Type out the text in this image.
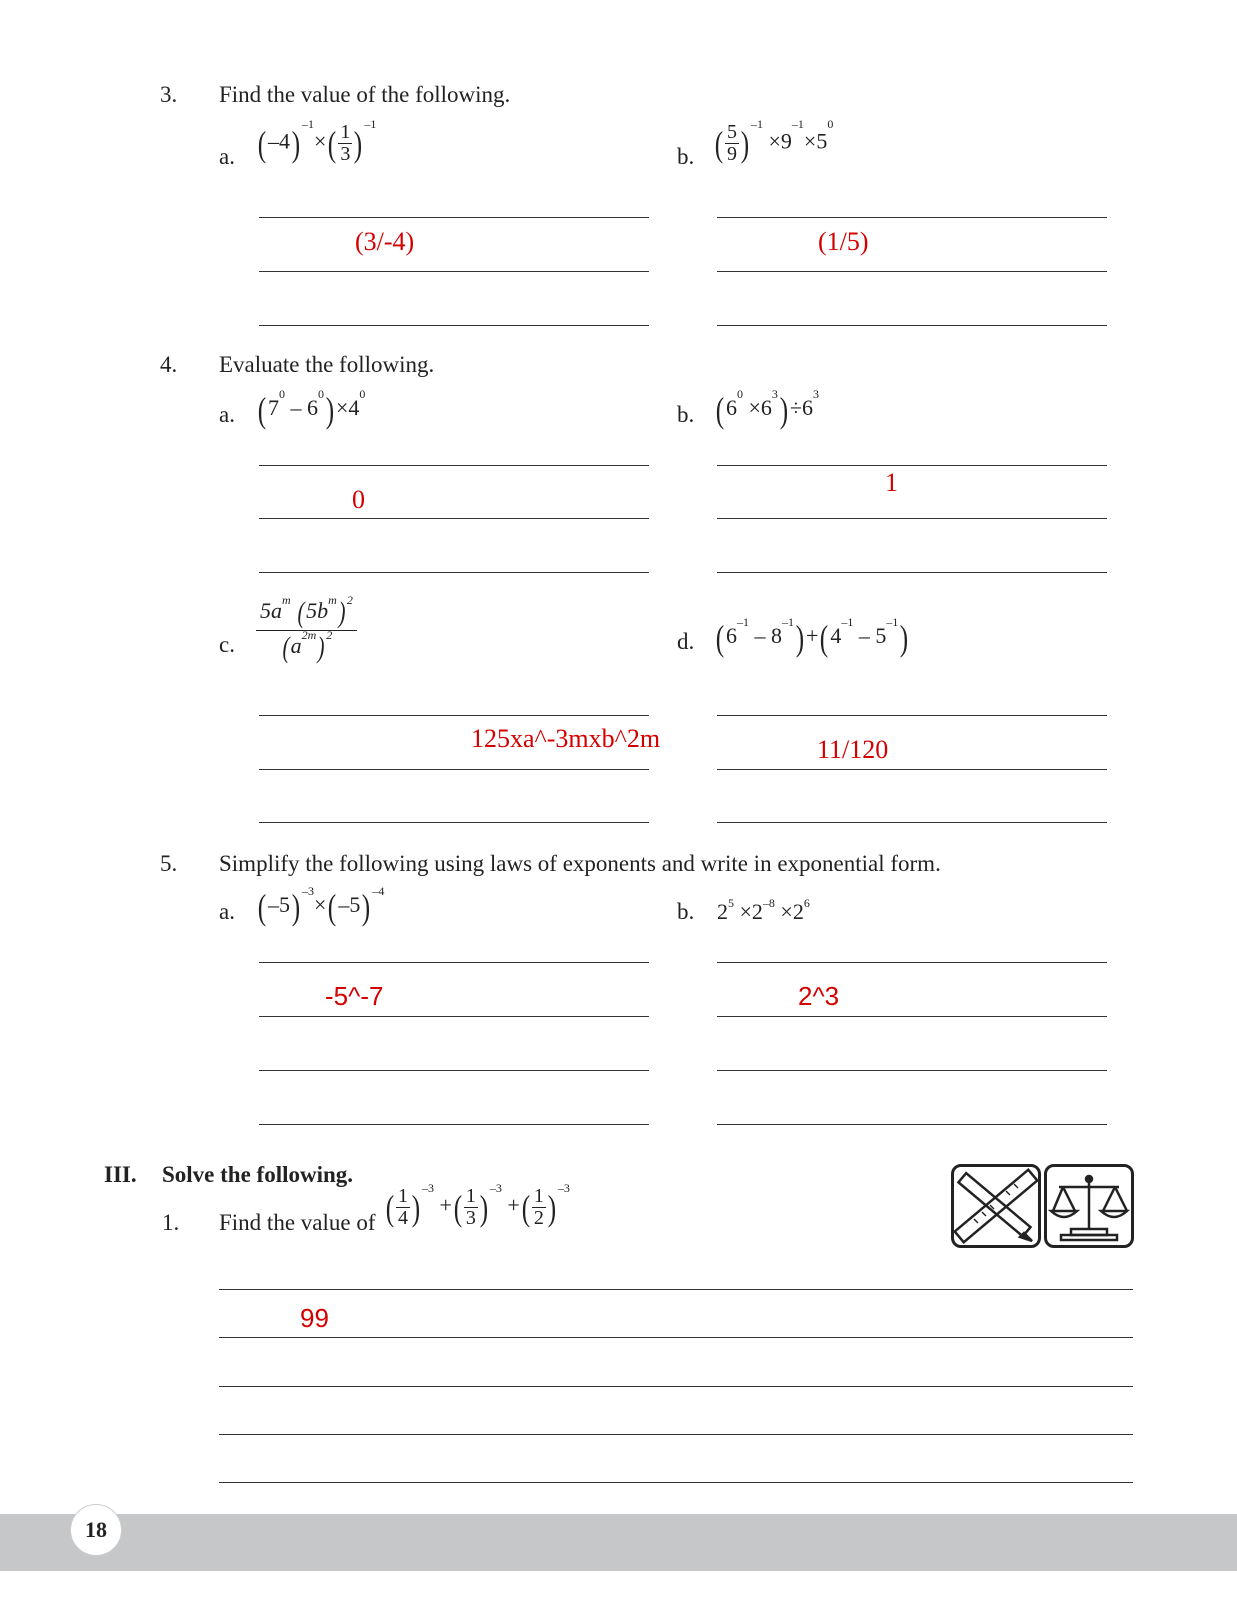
3. Find the value of the following.
a. (–4) $^{-1}\times( \frac{1}{3}$ ) $^{-1}$
b. ( $\frac{5}{9}$ ) $^{-1} \times 9^{-1}\times 5^0$
(3/-4)	(1/5)
4. Evaluate the following.
a. $(7^0 - 6^0)\times 4^0$
b. $(6^0 \times 6^3)\div 6^3$
0
1
c.
$5a^m$ $(5b^m)$ $^2$
$(a^{2m})$ $^2$	d. $(6^{-1} - 8^{-1})+(4^{-1} - 5^{-1})$
125xa^-3mxb^2m	11/120
5. Simplify the following using laws of exponents and write in exponential form.
a. (–5) $^{-3}$×(–5) $^{-4}$
b. $2^5 \times 2^{-8} \times 2^6$
-5^-7	2^3
III. Solve the following.
1. Find the value of ( $\frac{1}{4}$ ) $^{-3}$ +( $\frac{1}{3}$ ) $^{-3}$ +( $\frac{1}{2}$ ) $^{-3}$
99
18
